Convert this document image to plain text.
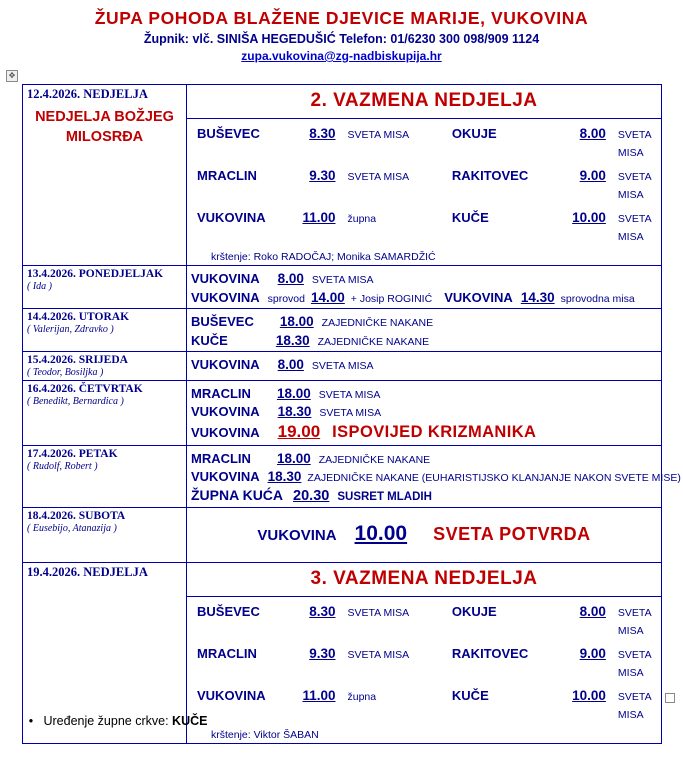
ŽUPA POHODA BLAŽENE DJEVICE MARIJE, VUKOVINA
Župnik: vlč. SINIŠA HEGEDUŠIĆ Telefon: 01/6230 300 098/909 1124
zupa.vukovina@zg-nadbiskupija.hr
✥
12.4.2026. NEDJELJA
NEDJELJA BOŽJEG MILOSRĐA

2. VAZMENA NEDJELJA

BUŠEVEC	8.30	SVETA MISA	OKUJE	8.00	SVETA MISA
MRACLIN	9.30	SVETA MISA	RAKITOVEC	9.00	SVETA MISA
VUKOVINA	11.00	župna	KUČE	10.00	SVETA MISA
krštenje: Roko RADOČAJ; Monika SAMARDŽIĆ

13.4.2026. PONEDJELJAK
( Ida )

VUKOVINA 8.00 SVETA MISA
VUKOVINA sprovod 14.00 + Josip ROGINIĆ VUKOVINA 14.30 sprovodna misa

14.4.2026. UTORAK
( Valerijan, Zdravko )

BUŠEVEC 18.00 ZAJEDNIČKE NAKANE
KUČE	18.30 ZAJEDNIČKE NAKANE

15.4.2026. SRIJEDA
( Teodor, Bosiljka )

VUKOVINA 8.00 SVETA MISA

16.4.2026. ČETVRTAK
( Benedikt, Bernardica )

MRACLIN 18.00 SVETA MISA
VUKOVINA 18.30 SVETA MISA
VUKOVINA 19.00 ISPOVIJED KRIZMANIKA

17.4.2026. PETAK
( Rudolf, Robert )

MRACLIN 18.00 ZAJEDNIČKE NAKANE
VUKOVINA 18.30 ZAJEDNIČKE NAKANE (EUHARISTIJSKO KLANJANJE NAKON SVETE MISE)
ŽUPNA KUĆA 20.30 SUSRET MLADIH

18.4.2026. SUBOTA
( Eusebijo, Atanazija )	VUKOVINA 10.00 SVETA POTVRDA

19.4.2026. NEDJELJA	3. VAZMENA NEDJELJA

BUŠEVEC	8.30	SVETA MISA	OKUJE	8.00	SVETA MISA
MRACLIN	9.30	SVETA MISA	RAKITOVEC	9.00	SVETA MISA
VUKOVINA	11.00	župna	KUČE	10.00	SVETA MISA
krštenje: Viktor ŠABAN
• Uređenje župne crkve: KUČE
